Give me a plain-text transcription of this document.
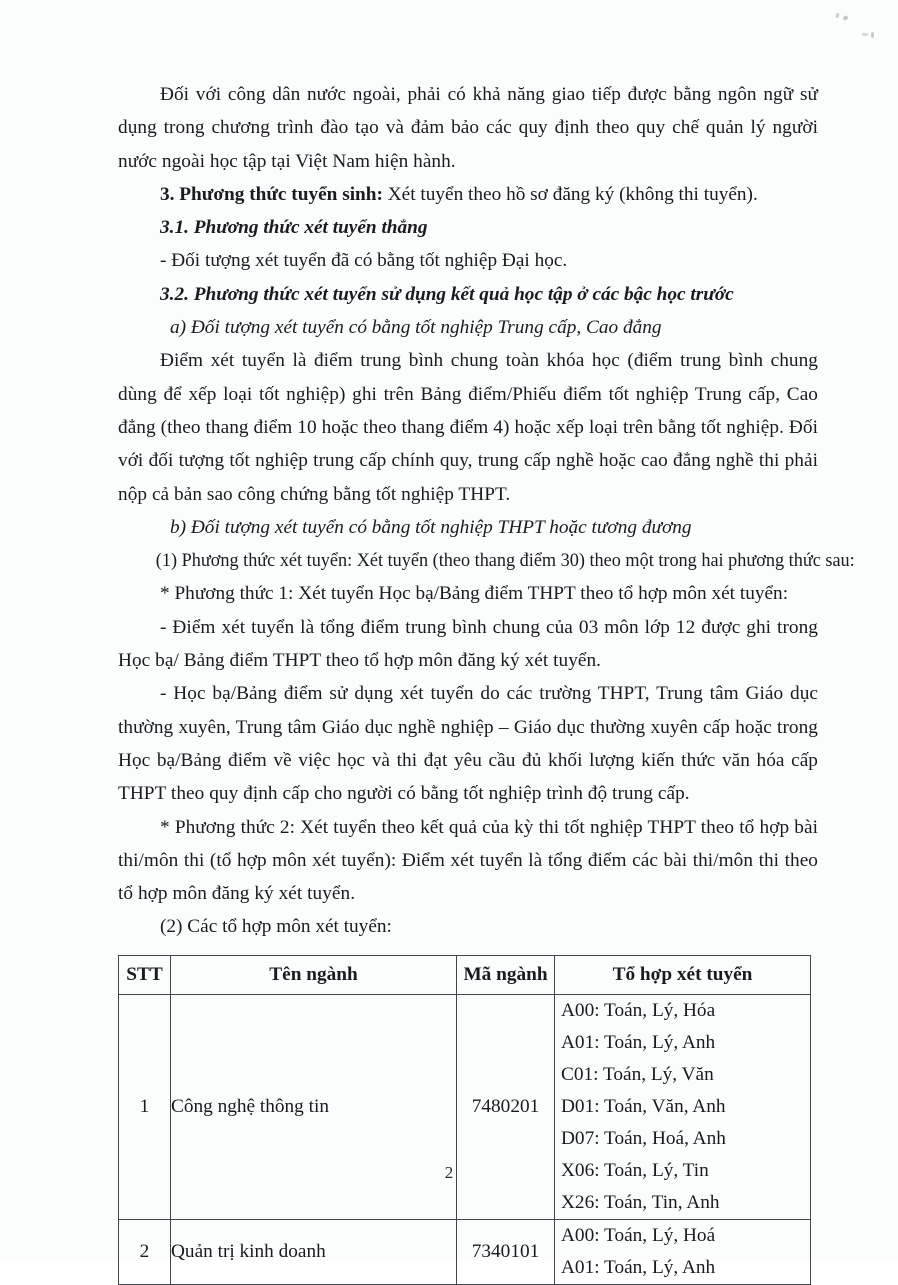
Đối với công dân nước ngoài, phải có khả năng giao tiếp được bằng ngôn ngữ sử dụng trong chương trình đào tạo và đảm bảo các quy định theo quy chế quản lý người nước ngoài học tập tại Việt Nam hiện hành.

3. Phương thức tuyển sinh: Xét tuyển theo hồ sơ đăng ký (không thi tuyển).

3.1. Phương thức xét tuyển thẳng

- Đối tượng xét tuyển đã có bằng tốt nghiệp Đại học.

3.2. Phương thức xét tuyển sử dụng kết quả học tập ở các bậc học trước

a) Đối tượng xét tuyển có bằng tốt nghiệp Trung cấp, Cao đẳng

Điểm xét tuyển là điểm trung bình chung toàn khóa học (điểm trung bình chung dùng để xếp loại tốt nghiệp) ghi trên Bảng điểm/Phiếu điểm tốt nghiệp Trung cấp, Cao đẳng (theo thang điểm 10 hoặc theo thang điểm 4) hoặc xếp loại trên bằng tốt nghiệp. Đối với đối tượng tốt nghiệp trung cấp chính quy, trung cấp nghề hoặc cao đẳng nghề thi phải nộp cả bản sao công chứng bằng tốt nghiệp THPT.

b) Đối tượng xét tuyển có bằng tốt nghiệp THPT hoặc tương đương

(1) Phương thức xét tuyển: Xét tuyển (theo thang điểm 30) theo một trong hai phương thức sau:

* Phương thức 1: Xét tuyển Học bạ/Bảng điểm THPT theo tổ hợp môn xét tuyển:

- Điểm xét tuyển là tổng điểm trung bình chung của 03 môn lớp 12 được ghi trong Học bạ/ Bảng điểm THPT theo tổ hợp môn đăng ký xét tuyển.

- Học bạ/Bảng điểm sử dụng xét tuyển do các trường THPT, Trung tâm Giáo dục thường xuyên, Trung tâm Giáo dục nghề nghiệp – Giáo dục thường xuyên cấp hoặc trong Học bạ/Bảng điểm về việc học và thi đạt yêu cầu đủ khối lượng kiến thức văn hóa cấp THPT theo quy định cấp cho người có bằng tốt nghiệp trình độ trung cấp.

* Phương thức 2: Xét tuyển theo kết quả của kỳ thi tốt nghiệp THPT theo tổ hợp bài thi/môn thi (tổ hợp môn xét tuyển): Điểm xét tuyển là tổng điểm các bài thi/môn thi theo tổ hợp môn đăng ký xét tuyển.

(2) Các tổ hợp môn xét tuyển:

STT	Tên ngành	Mã ngành	Tổ hợp xét tuyển
1	Công nghệ thông tin	7480201	
A00: Toán, Lý, Hóa
A01: Toán, Lý, Anh
C01: Toán, Lý, Văn
D01: Toán, Văn, Anh
D07: Toán, Hoá, Anh
X06: Toán, Lý, Tin
X26: Toán, Tin, Anh

2	Quản trị kinh doanh	7340101	
A00: Toán, Lý, Hoá
A01: Toán, Lý, Anh
2
